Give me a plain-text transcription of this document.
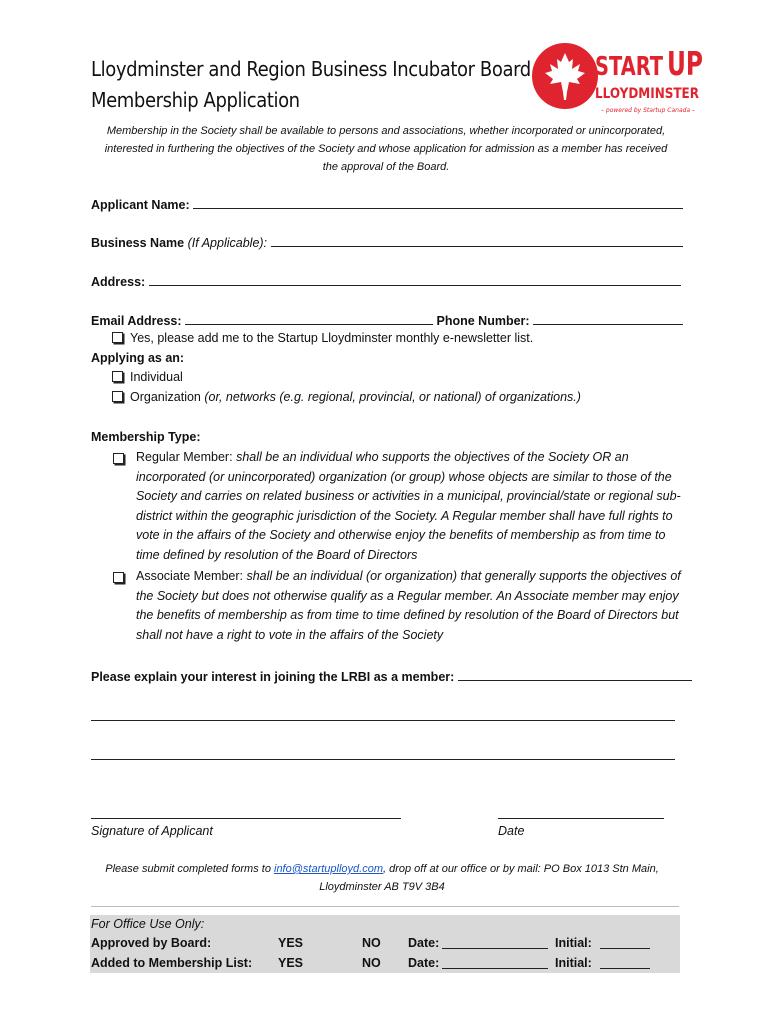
Lloydminster and Region Business Incubator Board
Membership Application
START UP
LLOYDMINSTER
– powered by Startup Canada –
Membership in the Society shall be available to persons and associations, whether incorporated or unincorporated,
interested in furthering the objectives of the Society and whose application for admission as a member has received
the approval of the Board.
Applicant Name:
Business Name (If Applicable):
Address:
Email Address:	Phone Number:
Yes, please add me to the Startup Lloydminster monthly e-newsletter list.
Applying as an:
Individual
Organization (or, networks (e.g. regional, provincial, or national) of organizations.)
Membership Type:
Regular Member: shall be an individual who supports the objectives of the Society OR an incorporated (or unincorporated) organization (or group) whose objects are similar to those of the Society and carries on related business or activities in a municipal, provincial/state or regional sub-district within the geographic jurisdiction of the Society. A Regular member shall have full rights to vote in the affairs of the Society and otherwise enjoy the benefits of membership as from time to time defined by resolution of the Board of Directors
Associate Member: shall be an individual (or organization) that generally supports the objectives of the Society but does not otherwise qualify as a Regular member. An Associate member may enjoy the benefits of membership as from time to time defined by resolution of the Board of Directors but shall not have a right to vote in the affairs of the Society
Please explain your interest in joining the LRBI as a member:
Signature of Applicant	Date
Please submit completed forms to info@startuplloyd.com, drop off at our office or by mail: PO Box 1013 Stn Main,
Lloydminster AB T9V 3B4
For Office Use Only:
Approved by Board:	YES	NO Date:	Initial:
Added to Membership List: YES	NO Date:	Initial:
